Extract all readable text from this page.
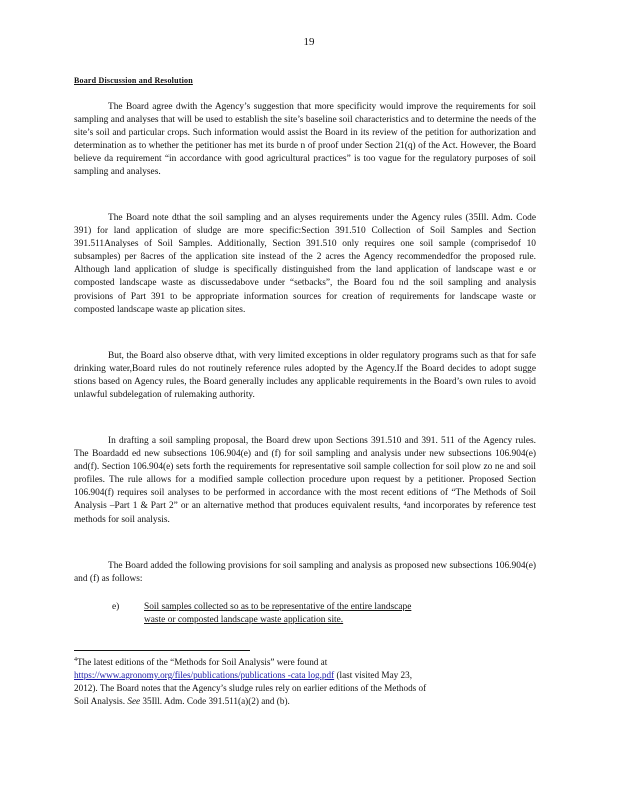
19
Board Discussion and Resolution

The Board agree dwith the Agency’s suggestion that more specificity would improve the requirements for soil sampling and analyses that will be used to establish the site’s baseline soil characteristics and to determine the needs of the site’s soil and particular crops. Such information would assist the Board in its review of the petition for authorization and determination as to whether the petitioner has met its burde n of proof under Section 21(q) of the Act. However, the Board believe da requirement “in accordance with good agricultural practices” is too vague for the regulatory purposes of soil sampling and analyses.

The Board note dthat the soil sampling and an alyses requirements under the Agency rules (35Ill. Adm. Code 391) for land application of sludge are more specific:Section 391.510 Collection of Soil Samples and Section 391.511Analyses of Soil Samples. Additionally, Section 391.510 only requires one soil sample (comprisedof 10 subsamples) per 8acres of the application site instead of the 2 acres the Agency recommendedfor the proposed rule. Although land application of sludge is specifically distinguished from the land application of landscape wast e or composted landscape waste as discussedabove under “setbacks”, the Board fou nd the soil sampling and analysis provisions of Part 391 to be appropriate information sources for creation of requirements for landscape waste or composted landscape waste ap plication sites.

But, the Board also observe dthat, with very limited exceptions in older regulatory programs such as that for safe drinking water,Board rules do not routinely reference rules adopted by the Agency.If the Board decides to adopt sugge stions based on Agency rules, the Board generally includes any applicable requirements in the Board’s own rules to avoid unlawful subdelegation of rulemaking authority.

In drafting a soil sampling proposal, the Board drew upon Sections 391.510 and 391. 511 of the Agency rules. The Boardadd ed new subsections 106.904(e) and (f) for soil sampling and analysis under new subsections 106.904(e) and(f). Section 106.904(e) sets forth the requirements for representative soil sample collection for soil plow zo ne and soil profiles. The rule allows for a modified sample collection procedure upon request by a petitioner. Proposed Section 106.904(f) requires soil analyses to be performed in accordance with the most recent editions of “The Methods of Soil Analysis –Part 1 & Part 2” or an alternative method that produces equivalent results, ⁴and incorporates by reference test methods for soil analysis.

The Board added the following provisions for soil sampling and analysis as proposed new subsections 106.904(e) and (f) as follows:

e)	Soil samples collected so as to be representative of the entire landscape
waste or composted landscape waste application site.

$^4$The latest editions of the “Methods for Soil Analysis” were found at
https://www.agronomy.org/files/publications/publications -cata log.pdf (last visited May 23,
2012). The Board notes that the Agency’s sludge rules rely on earlier editions of the Methods of
Soil Analysis. See 35Ill. Adm. Code 391.511(a)(2) and (b).
